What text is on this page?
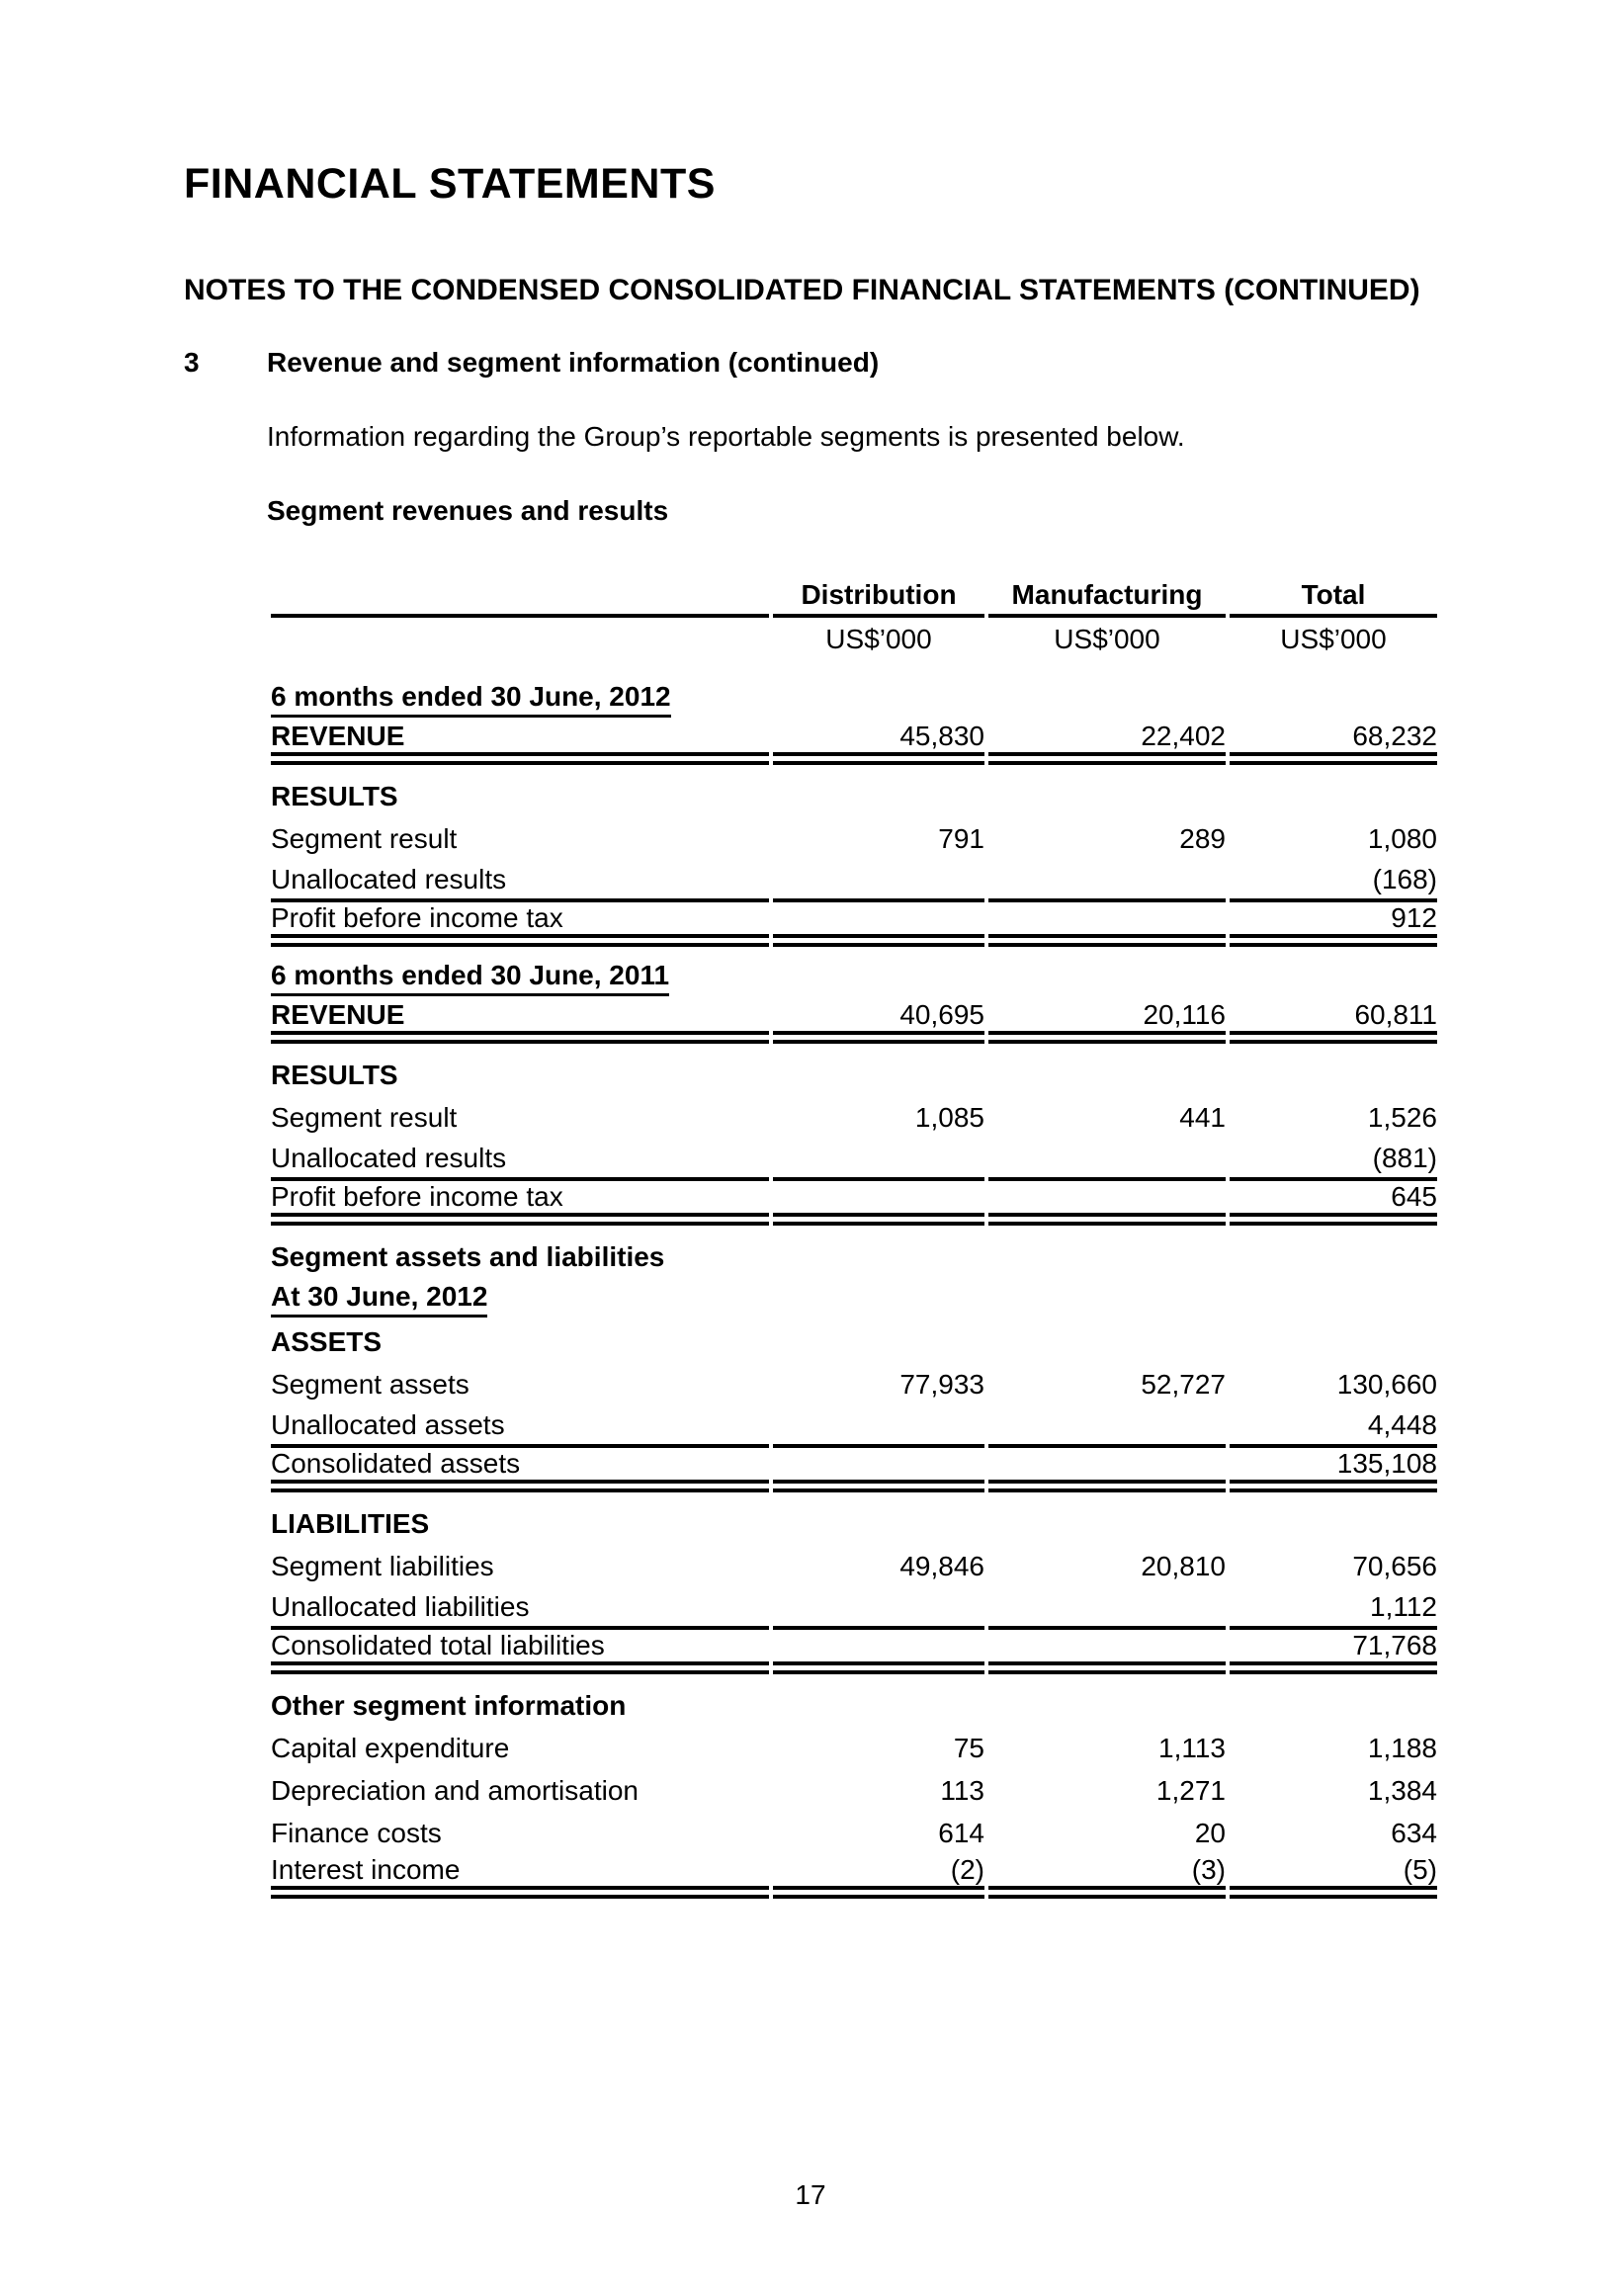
FINANCIAL STATEMENTS
NOTES TO THE CONDENSED CONSOLIDATED FINANCIAL STATEMENTS (CONTINUED)
3	Revenue and segment information (continued)

Information regarding the Group’s reportable segments is presented below.

Segment revenues and results

	Distribution	Manufacturing	Total
	US$’000	US$’000	US$’000

6 months ended 30 June, 2012			
REVENUE	45,830	22,402	68,232

RESULTS			
Segment result	791	289	1,080
Unallocated results			(168)
Profit before income tax			912

6 months ended 30 June, 2011			
REVENUE	40,695	20,116	60,811

RESULTS			
Segment result	1,085	441	1,526
Unallocated results			(881)
Profit before income tax			645

Segment assets and liabilities			
At 30 June, 2012			
ASSETS			
Segment assets	77,933	52,727	130,660
Unallocated assets			4,448
Consolidated assets			135,108

LIABILITIES			
Segment liabilities	49,846	20,810	70,656
Unallocated liabilities			1,112
Consolidated total liabilities			71,768

Other segment information			
Capital expenditure	75	1,113	1,188
Depreciation and amortisation	113	1,271	1,384
Finance costs	614	20	634
Interest income	(2)	(3)	(5)
17
